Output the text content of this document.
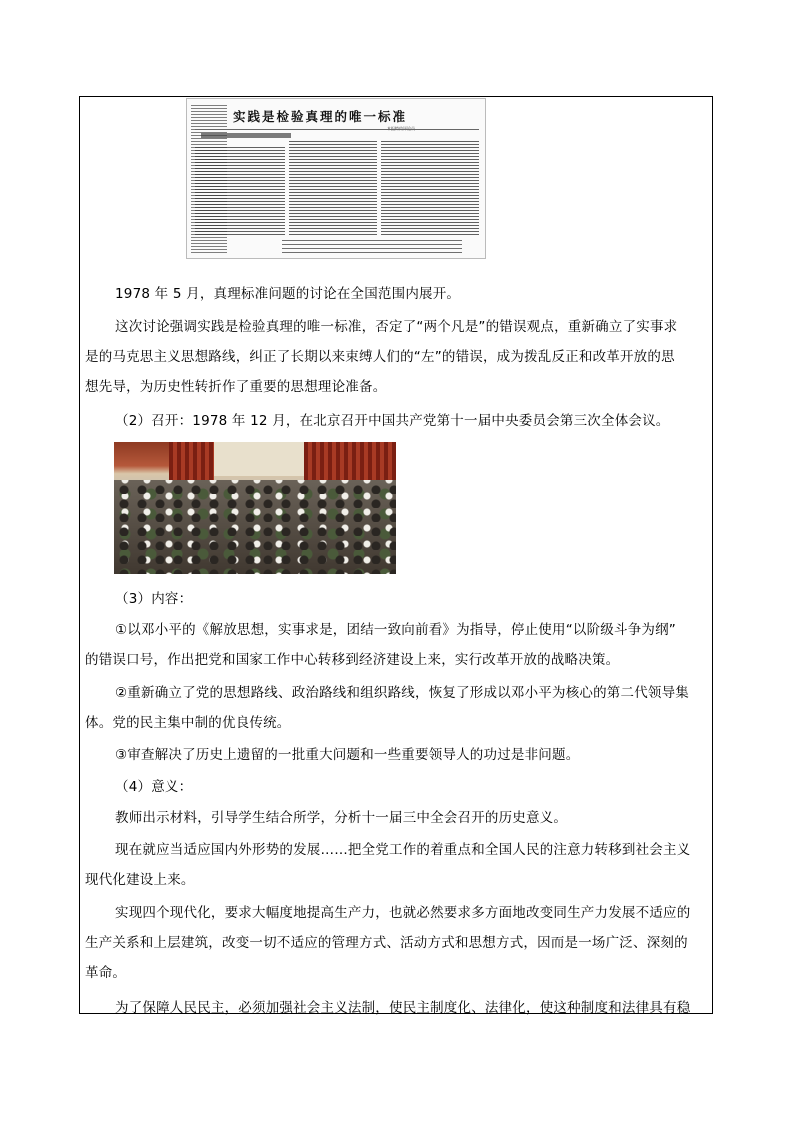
实践是检验真理的唯一标准

1978 年 5 月，真理标准问题的讨论在全国范围内展开。

这次讨论强调实践是检验真理的唯一标准，否定了“两个凡是”的错误观点，重新确立了实事求
是的马克思主义思想路线，纠正了长期以来束缚人们的“左”的错误，成为拨乱反正和改革开放的思
想先导，为历史性转折作了重要的思想理论准备。

（2）召开：1978 年 12 月，在北京召开中国共产党第十一届中央委员会第三次全体会议。

（3）内容：

①以邓小平的《解放思想，实事求是，团结一致向前看》为指导，停止使用“以阶级斗争为纲”
的错误口号，作出把党和国家工作中心转移到经济建设上来，实行改革开放的战略决策。
②重新确立了党的思想路线、政治路线和组织路线，恢复了形成以邓小平为核心的第二代领导集
体。党的民主集中制的优良传统。

③审查解决了历史上遗留的一批重大问题和一些重要领导人的功过是非问题。

（4）意义：

教师出示材料，引导学生结合所学，分析十一届三中全会召开的历史意义。

现在就应当适应国内外形势的发展……把全党工作的着重点和全国人民的注意力转移到社会主义
现代化建设上来。
实现四个现代化，要求大幅度地提高生产力，也就必然要求多方面地改变同生产力发展不适应的
生产关系和上层建筑，改变一切不适应的管理方式、活动方式和思想方式，因而是一场广泛、深刻的
革命。

为了保障人民民主，必须加强社会主义法制，使民主制度化、法律化，使这种制度和法律具有稳
